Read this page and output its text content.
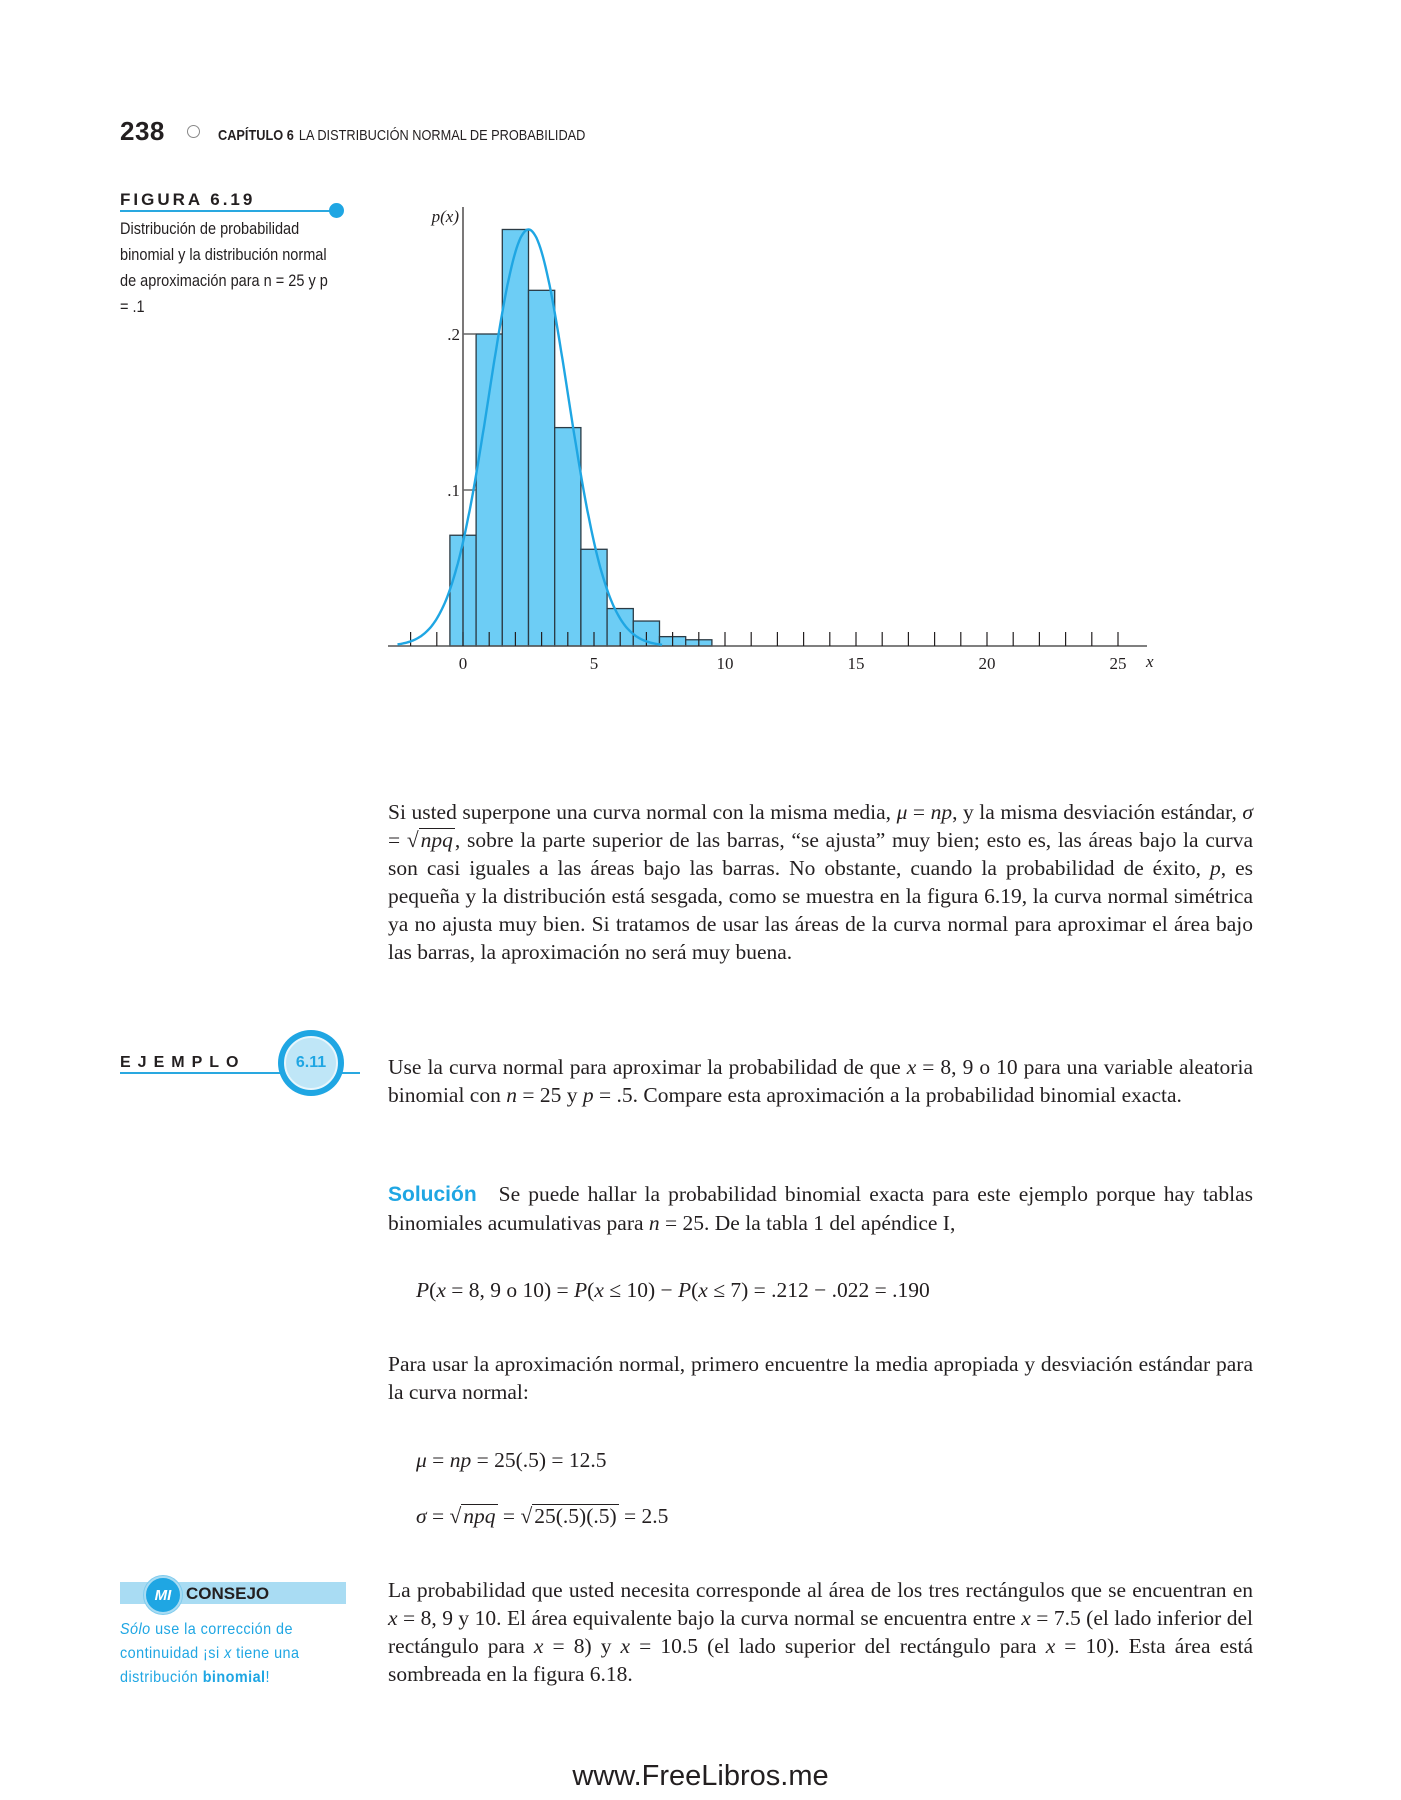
238	CAPÍTULO 6 LA DISTRIBUCIÓN NORMAL DE PROBABILIDAD
FIGURA 6.19
Distribución de probabilidad binomial y la distribución normal de aproximación para n = 25 y p = .1
0	5	10	15	20	25 x
p(x)
.1
.2
Si usted superpone una curva normal con la misma media, μ = np, y la misma desviación estándar, σ = √npq, sobre la parte superior de las barras, “se ajusta” muy bien; esto es, las áreas bajo la curva son casi iguales a las áreas bajo las barras. No obstante, cuando la probabilidad de éxito, p, es pequeña y la distribución está sesgada, como se muestra en la figura 6.19, la curva normal simétrica ya no ajusta muy bien. Si tratamos de usar las áreas de la curva normal para aproximar el área bajo las barras, la aproximación no será muy buena.
EJEMPLO	6.11	Use la curva normal para aproximar la probabilidad de que x = 8, 9 o 10 para una variable aleatoria binomial con n = 25 y p = .5. Compare esta aproximación a la probabilidad binomial exacta.
Solución Se puede hallar la probabilidad binomial exacta para este ejemplo porque hay tablas binomiales acumulativas para n = 25. De la tabla 1 del apéndice I,
P(x = 8, 9 o 10) = P(x ≤ 10) − P(x ≤ 7) = .212 − .022 = .190
Para usar la aproximación normal, primero encuentre la media apropiada y desviación estándar para la curva normal:
μ = np = 25(.5) = 12.5
σ = √npq = √25(.5)(.5) = 2.5
La probabilidad que usted necesita corresponde al área de los tres rectángulos que se encuentran en x = 8, 9 y 10. El área equivalente bajo la curva normal se encuentra entre x = 7.5 (el lado inferior del rectángulo para x = 8) y x = 10.5 (el lado superior del rectángulo para x = 10). Esta área está sombreada en la figura 6.18.
MI CONSEJO
Sólo use la corrección de continuidad ¡si x tiene una distribución binomial!
www.FreeLibros.me
